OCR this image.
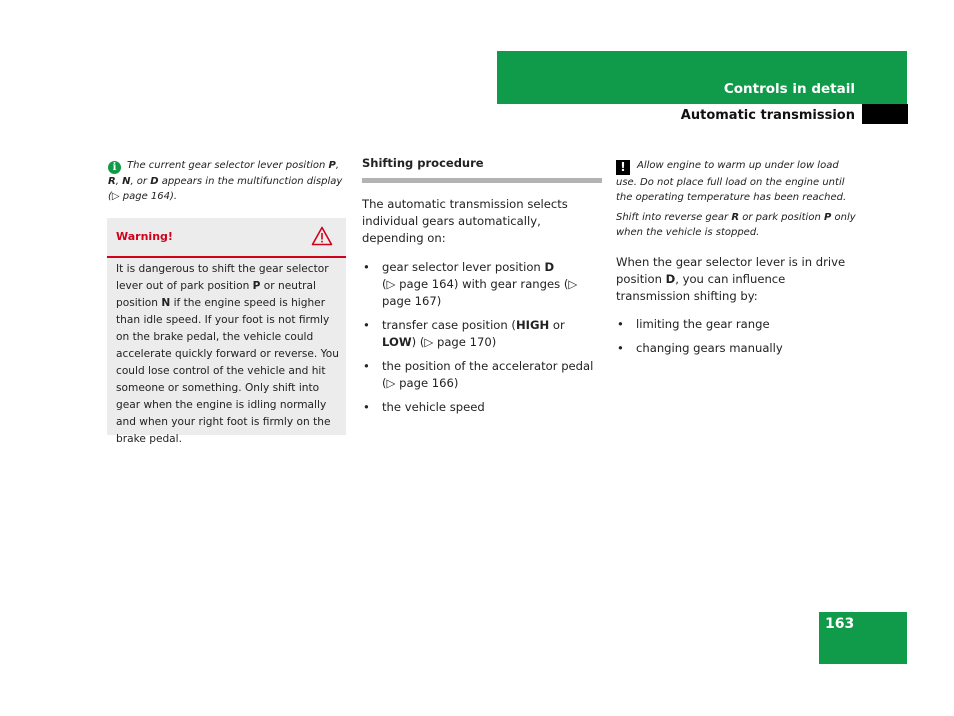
Controls in detail
Automatic transmission
i The current gear selector lever position P, R, N, or D appears in the multifunction display (▷ page 164).
Warning!
It is dangerous to shift the gear selector lever out of park position P or neutral position N if the engine speed is higher than idle speed. If your foot is not firmly on the brake pedal, the vehicle could accelerate quickly forward or reverse. You could lose control of the vehicle and hit someone or something. Only shift into gear when the engine is idling normally and when your right foot is firmly on the brake pedal.
Shifting procedure

The automatic transmission selects individual gears automatically, depending on:

• gear selector lever position D
(▷ page 164) with gear ranges (▷ page 167)
• transfer case position (HIGH or LOW) (▷ page 170)
• the position of the accelerator pedal (▷ page 166)
• the vehicle speed

! Allow engine to warm up under low load use. Do not place full load on the engine until the operating temperature has been reached.

Shift into reverse gear R or park position P only when the vehicle is stopped.

When the gear selector lever is in drive position D, you can influence transmission shifting by:
• limiting the gear range
• changing gears manually
163
